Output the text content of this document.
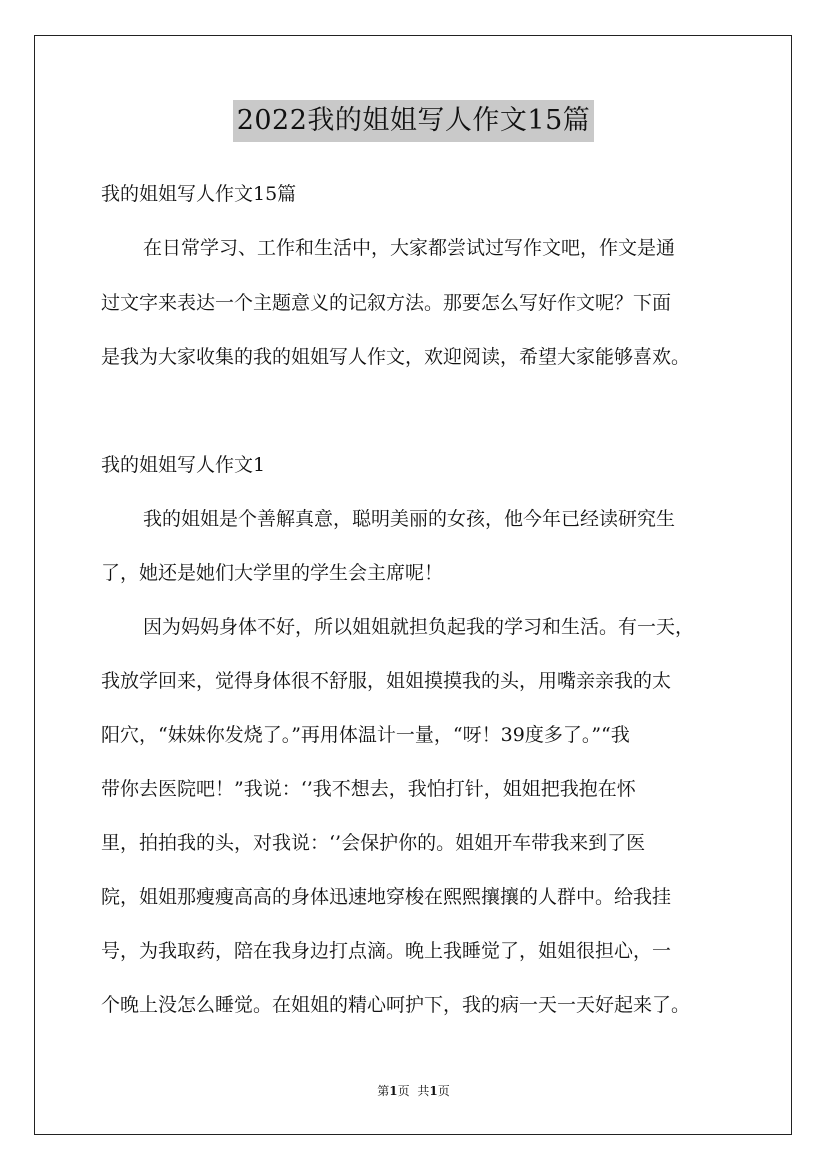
2022我的姐姐写人作文15篇
我的姐姐写人作文15篇
在日常学习、工作和生活中，大家都尝试过写作文吧，作文是通
过文字来表达一个主题意义的记叙方法。那要怎么写好作文呢？下面
是我为大家收集的我的姐姐写人作文，欢迎阅读，希望大家能够喜欢。
我的姐姐写人作文1
我的姐姐是个善解真意，聪明美丽的女孩，他今年已经读研究生
了，她还是她们大学里的学生会主席呢！
因为妈妈身体不好，所以姐姐就担负起我的学习和生活。有一天，
我放学回来，觉得身体很不舒服，姐姐摸摸我的头，用嘴亲亲我的太
阳穴，“妹妹你发烧了。”再用体温计一量，“呀！39度多了。”“我
带你去医院吧！”我说：‘’我不想去，我怕打针，姐姐把我抱在怀
里，拍拍我的头，对我说：‘’会保护你的。姐姐开车带我来到了医
院，姐姐那瘦瘦高高的身体迅速地穿梭在熙熙攘攘的人群中。给我挂
号，为我取药，陪在我身边打点滴。晚上我睡觉了，姐姐很担心，一
个晚上没怎么睡觉。在姐姐的精心呵护下，我的病一天一天好起来了。
第1页 共1页
